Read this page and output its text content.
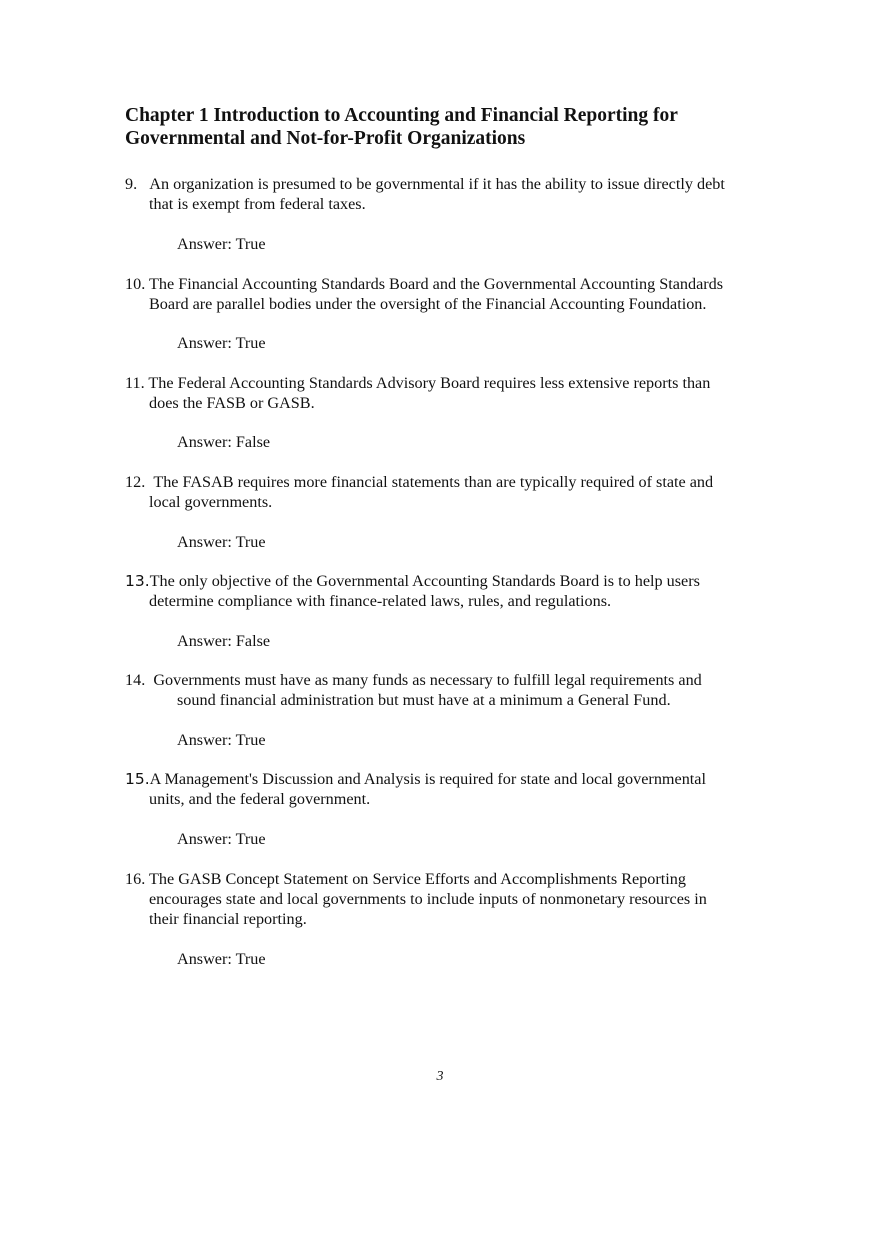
Chapter 1 Introduction to Accounting and Financial Reporting for
Governmental and Not-for-Profit Organizations
9. An organization is presumed to be governmental if it has the ability to issue directly debt
that is exempt from federal taxes.
Answer: True
10. The Financial Accounting Standards Board and the Governmental Accounting Standards
Board are parallel bodies under the oversight of the Financial Accounting Foundation.
Answer: True
11. The Federal Accounting Standards Advisory Board requires less extensive reports than
does the FASB or GASB.
Answer: False
12. The FASAB requires more financial statements than are typically required of state and
local governments.
Answer: True
13.The only objective of the Governmental Accounting Standards Board is to help users
determine compliance with finance-related laws, rules, and regulations.
Answer: False
14. Governments must have as many funds as necessary to fulfill legal requirements and
sound financial administration but must have at a minimum a General Fund.
Answer: True
15.A Management's Discussion and Analysis is required for state and local governmental
units, and the federal government.
Answer: True
16. The GASB Concept Statement on Service Efforts and Accomplishments Reporting
encourages state and local governments to include inputs of nonmonetary resources in
their financial reporting.
Answer: True
3
